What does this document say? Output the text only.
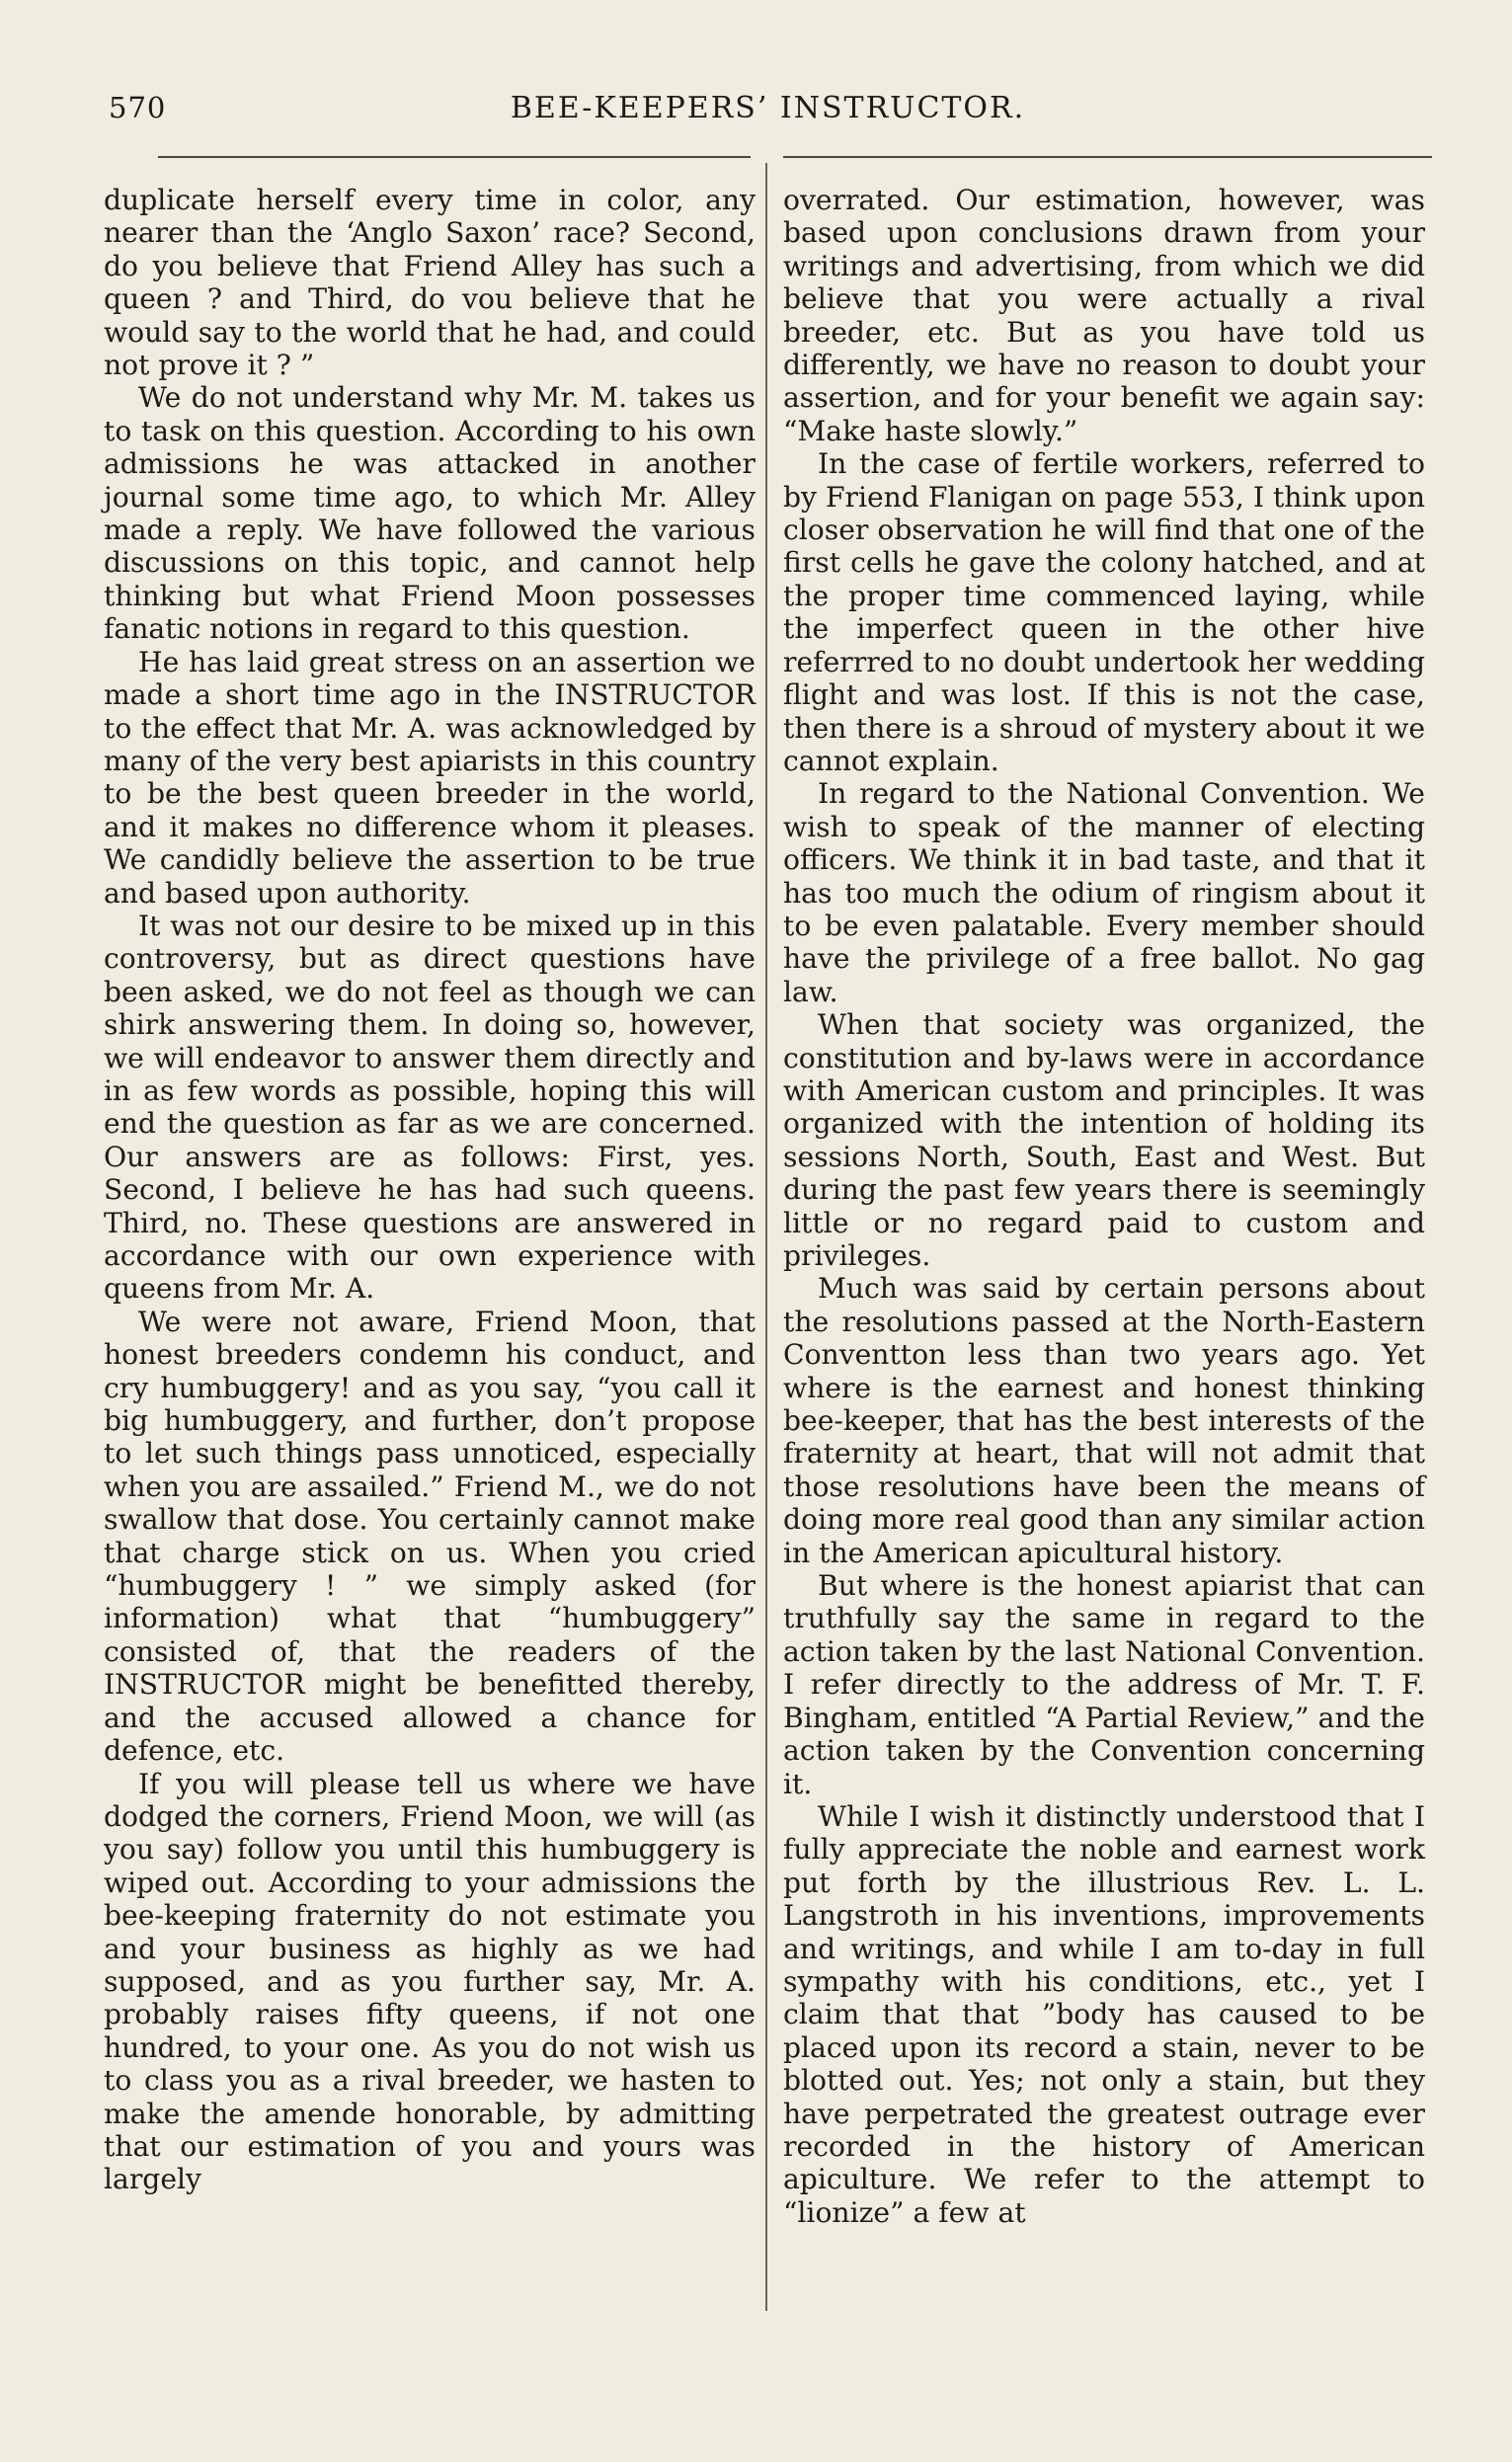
570	BEE-KEEPERS’ INSTRUCTOR.

duplicate herself every time in color, any nearer than the ‘Anglo Saxon’ race? Second, do you believe that Friend Alley has such a queen ? and Third, do vou believe that he would say to the world that he had, and could not prove it ? ”

We do not understand why Mr. M. takes us to task on this question. According to his own admissions he was attacked in another journal some time ago, to which Mr. Alley made a reply. We have followed the various discussions on this topic, and cannot help thinking but what Friend Moon possesses fanatic notions in regard to this question.

He has laid great stress on an assertion we made a short time ago in the INSTRUCTOR to the effect that Mr. A. was acknowledged by many of the very best apiarists in this country to be the best queen breeder in the world, and it makes no difference whom it pleases. We candidly believe the assertion to be true and based upon authority.

It was not our desire to be mixed up in this controversy, but as direct questions have been asked, we do not feel as though we can shirk answering them. In doing so, however, we will endeavor to answer them directly and in as few words as possible, hoping this will end the question as far as we are concerned. Our answers are as follows: First, yes. Second, I believe he has had such queens. Third, no. These questions are answered in accordance with our own experience with queens from Mr. A.

We were not aware, Friend Moon, that honest breeders condemn his conduct, and cry humbuggery! and as you say, “you call it big humbuggery, and further, don’t propose to let such things pass unnoticed, especially when you are assailed.” Friend M., we do not swallow that dose. You certainly cannot make that charge stick on us. When you cried “humbuggery ! ” we simply asked (for information) what that “humbuggery” consisted of, that the readers of the INSTRUCTOR might be benefitted thereby, and the accused allowed a chance for defence, etc.

If you will please tell us where we have dodged the corners, Friend Moon, we will (as you say) follow you until this humbuggery is wiped out. According to your admissions the bee-keeping fraternity do not estimate you and your business as highly as we had supposed, and as you further say, Mr. A. probably raises fifty queens, if not one hundred, to your one. As you do not wish us to class you as a rival breeder, we hasten to make the amende honorable, by admitting that our estimation of you and yours was largely

overrated. Our estimation, however, was based upon conclusions drawn from your writings and advertising, from which we did believe that you were actually a rival breeder, etc. But as you have told us differently, we have no reason to doubt your assertion, and for your benefit we again say: “Make haste slowly.”

In the case of fertile workers, referred to by Friend Flanigan on page 553, I think upon closer observation he will find that one of the first cells he gave the colony hatched, and at the proper time commenced laying, while the imperfect queen in the other hive referrred to no doubt undertook her wedding flight and was lost. If this is not the case, then there is a shroud of mystery about it we cannot explain.

In regard to the National Convention. We wish to speak of the manner of electing officers. We think it in bad taste, and that it has too much the odium of ringism about it to be even palatable. Every member should have the privilege of a free ballot. No gag law.

When that society was organized, the constitution and by-laws were in accordance with American custom and principles. It was organized with the intention of holding its sessions North, South, East and West. But during the past few years there is seemingly little or no regard paid to custom and privileges.

Much was said by certain persons about the resolutions passed at the North-Eastern Conventton less than two years ago. Yet where is the earnest and honest thinking bee-keeper, that has the best interests of the fraternity at heart, that will not admit that those resolutions have been the means of doing more real good than any similar action in the American apicultural history.

But where is the honest apiarist that can truthfully say the same in regard to the action taken by the last National Convention. I refer directly to the address of Mr. T. F. Bingham, entitled “A Partial Review,” and the action taken by the Convention concerning it.

While I wish it distinctly understood that I fully appreciate the noble and earnest work put forth by the illustrious Rev. L. L. Langstroth in his inventions, improvements and writings, and while I am to-day in full sympathy with his conditions, etc., yet I claim that that ”body has caused to be placed upon its record a stain, never to be blotted out. Yes; not only a stain, but they have perpetrated the greatest outrage ever recorded in the history of American apiculture. We refer to the attempt to “lionize” a few at
